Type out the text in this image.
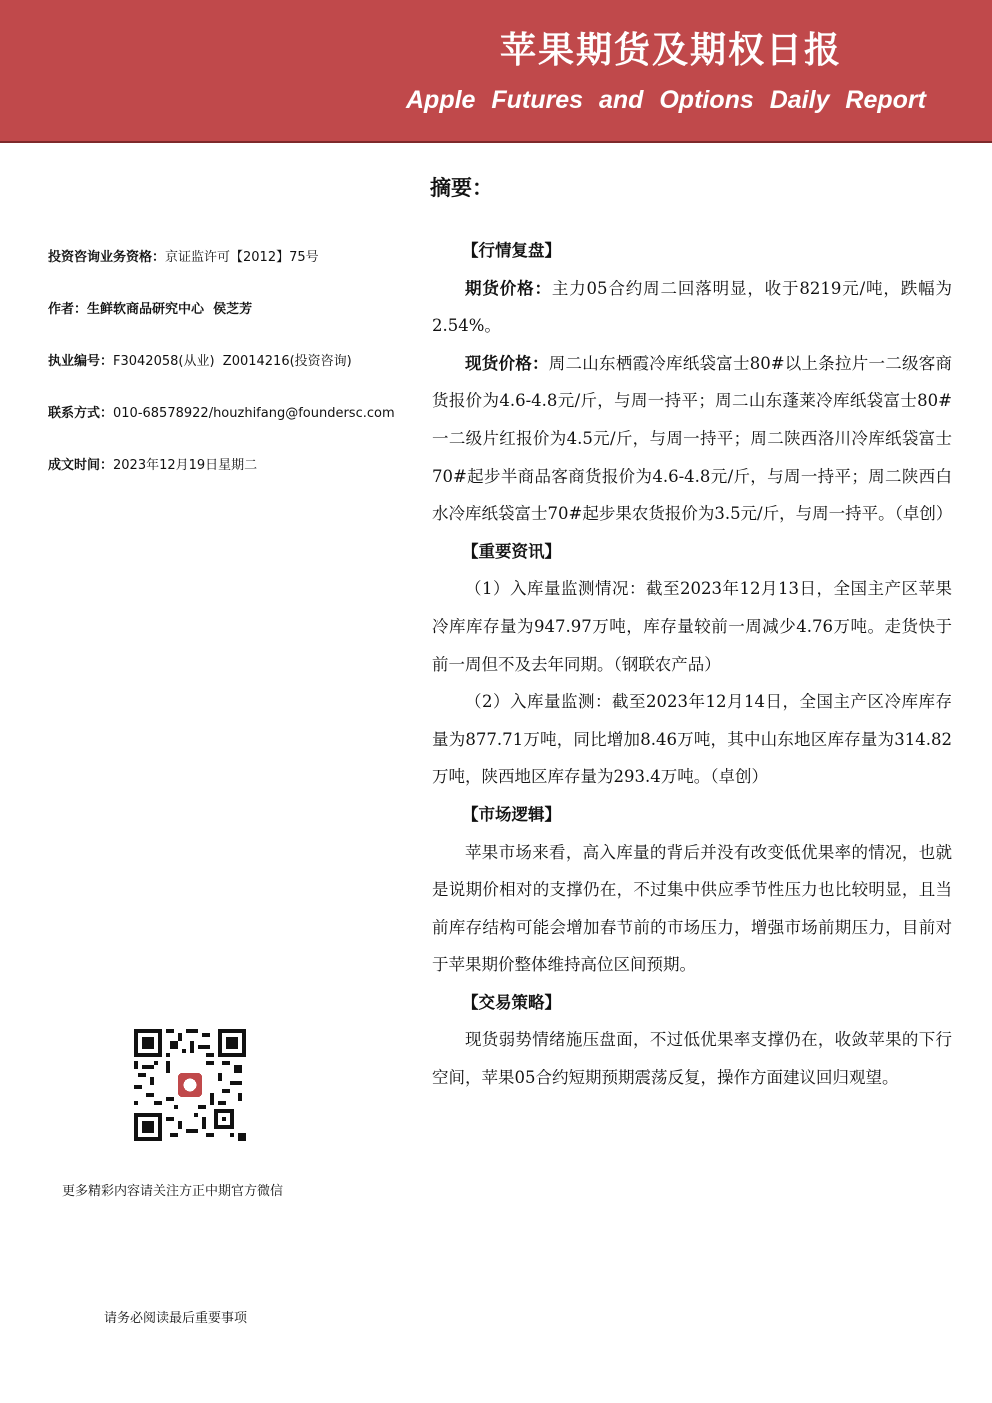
苹果期货及期权日报
Apple Futures and Options Daily Report
摘要：
投资咨询业务资格：京证监许可【2012】75号
作者：生鲜软商品研究中心  侯芝芳
执业编号：F3042058(从业)  Z0014216(投资咨询)
联系方式：010-68578922/houzhifang@foundersc.com
成文时间：2023年12月19日星期二
更多精彩内容请关注方正中期官方微信
请务必阅读最后重要事项
【行情复盘】

期货价格：主力05合约周二回落明显，收于8219元/吨，跌幅为2.54%。

现货价格：周二山东栖霞冷库纸袋富士80#以上条拉片一二级客商货报价为4.6-4.8元/斤，与周一持平；周二山东蓬莱冷库纸袋富士80#一二级片红报价为4.5元/斤，与周一持平；周二陕西洛川冷库纸袋富士70#起步半商品客商货报价为4.6-4.8元/斤，与周一持平；周二陕西白水冷库纸袋富士70#起步果农货报价为3.5元/斤，与周一持平。（卓创）

【重要资讯】

（1）入库量监测情况：截至2023年12月13日，全国主产区苹果冷库库存量为947.97万吨，库存量较前一周减少4.76万吨。走货快于前一周但不及去年同期。（钢联农产品）

（2）入库量监测：截至2023年12月14日，全国主产区冷库库存量为877.71万吨，同比增加8.46万吨，其中山东地区库存量为314.82万吨，陕西地区库存量为293.4万吨。（卓创）

【市场逻辑】

苹果市场来看，高入库量的背后并没有改变低优果率的情况，也就是说期价相对的支撑仍在，不过集中供应季节性压力也比较明显，且当前库存结构可能会增加春节前的市场压力，增强市场前期压力，目前对于苹果期价整体维持高位区间预期。

【交易策略】

现货弱势情绪施压盘面，不过低优果率支撑仍在，收敛苹果的下行空间，苹果05合约短期预期震荡反复，操作方面建议回归观望。
